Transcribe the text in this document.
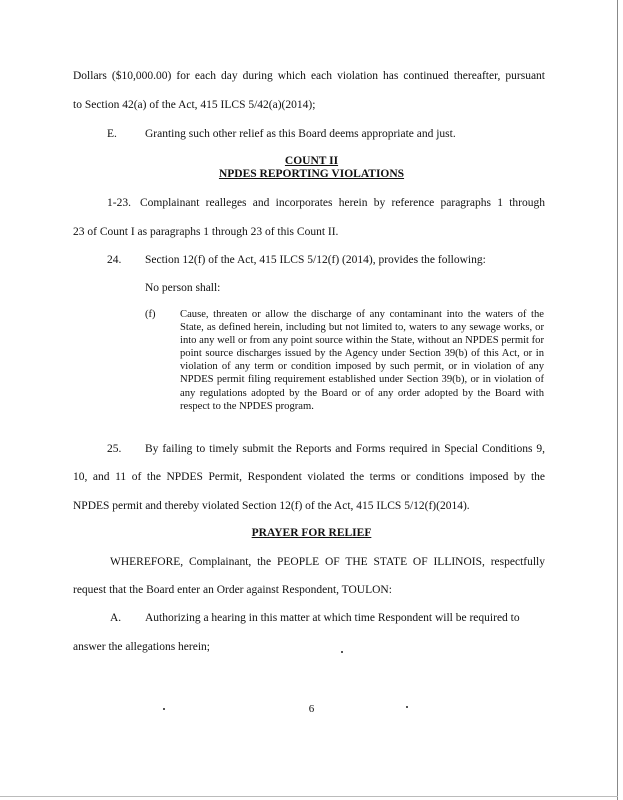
Dollars ($10,000.00) for each day during which each violation has continued thereafter, pursuant
to Section 42(a) of the Act, 415 ILCS 5/42(a)(2014);
E. Granting such other relief as this Board deems appropriate and just.
COUNT II
NPDES REPORTING VIOLATIONS
1-23. Complainant realleges and incorporates herein by reference paragraphs 1 through
23 of Count I as paragraphs 1 through 23 of this Count II.
24. Section 12(f) of the Act, 415 ILCS 5/12(f) (2014), provides the following:
No person shall:
(f) Cause, threaten or allow the discharge of any contaminant into the waters of the State, as defined herein, including but not limited to, waters to any sewage works, or into any well or from any point source within the State, without an NPDES permit for point source discharges issued by the Agency under Section 39(b) of this Act, or in violation of any term or condition imposed by such permit, or in violation of any NPDES permit filing requirement established under Section 39(b), or in violation of any regulations adopted by the Board or of any order adopted by the Board with respect to the NPDES program.
25. By failing to timely submit the Reports and Forms required in Special Conditions 9,
10, and 11 of the NPDES Permit, Respondent violated the terms or conditions imposed by the
NPDES permit and thereby violated Section 12(f) of the Act, 415 ILCS 5/12(f)(2014).
PRAYER FOR RELIEF
WHEREFORE, Complainant, the PEOPLE OF THE STATE OF ILLINOIS, respectfully
request that the Board enter an Order against Respondent, TOULON:
A. Authorizing a hearing in this matter at which time Respondent will be required to
answer the allegations herein;
6
